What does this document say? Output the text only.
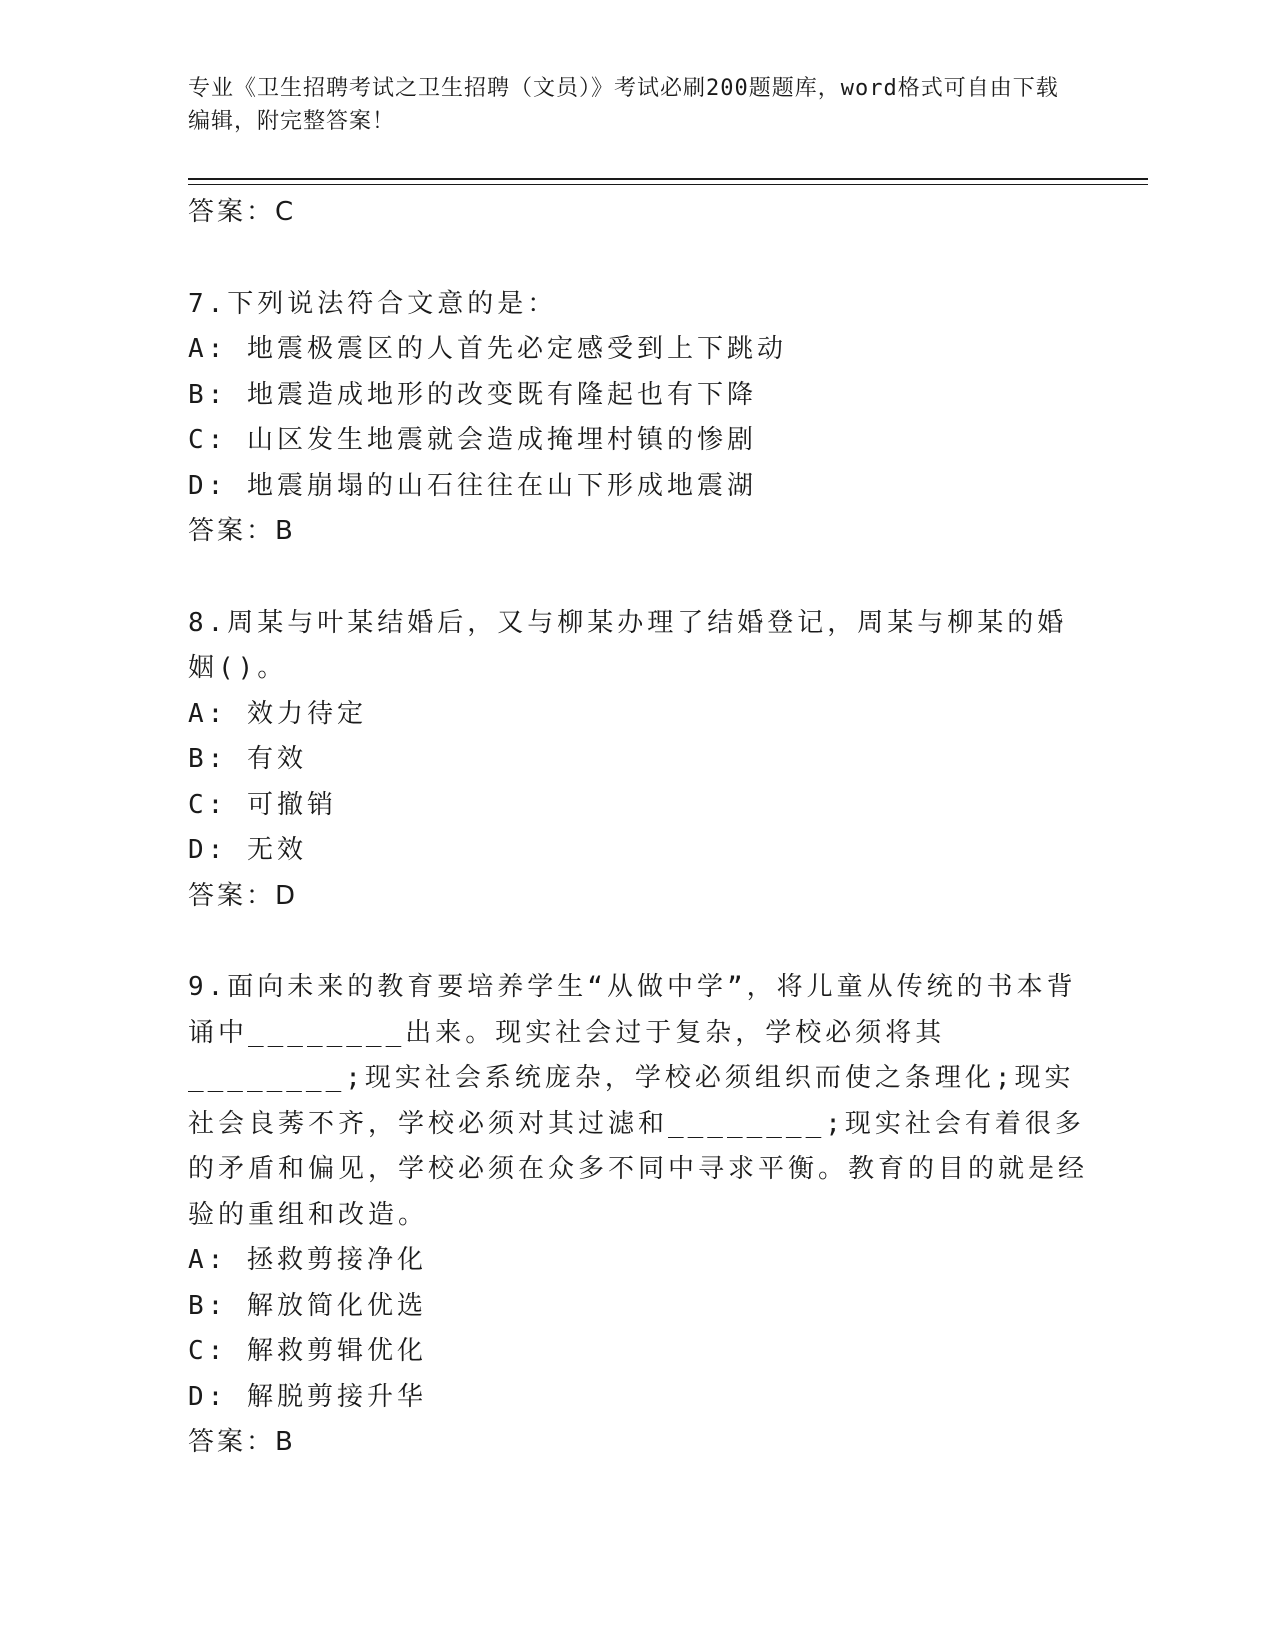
专业《卫生招聘考试之卫生招聘（文员）》考试必刷200题题库，word格式可自由下载编辑，附完整答案！
答案：C
7.下列说法符合文意的是：
A: 地震极震区的人首先必定感受到上下跳动
B: 地震造成地形的改变既有隆起也有下降
C: 山区发生地震就会造成掩埋村镇的惨剧
D: 地震崩塌的山石往往在山下形成地震湖
答案：B
8.周某与叶某结婚后，又与柳某办理了结婚登记，周某与柳某的婚姻()。
A: 效力待定
B: 有效
C: 可撤销
D: 无效
答案：D
9.面向未来的教育要培养学生“从做中学”，将儿童从传统的书本背诵中________出来。现实社会过于复杂，学校必须将其________;现实社会系统庞杂，学校必须组织而使之条理化;现实社会良莠不齐，学校必须对其过滤和________;现实社会有着很多的矛盾和偏见，学校必须在众多不同中寻求平衡。教育的目的就是经验的重组和改造。
A: 拯救剪接净化
B: 解放简化优选
C: 解救剪辑优化
D: 解脱剪接升华
答案：B
